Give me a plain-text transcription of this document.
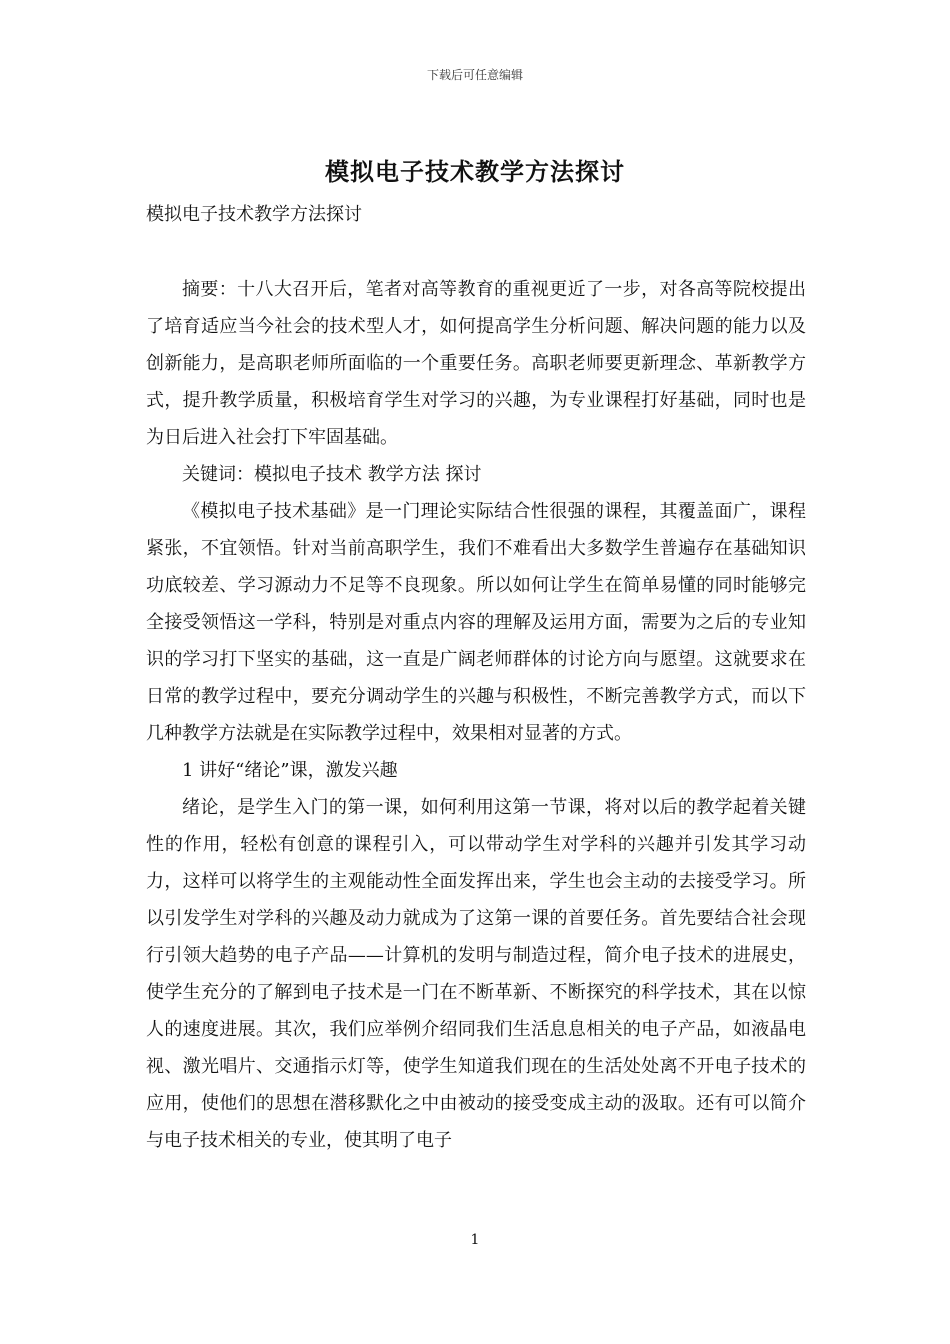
下载后可任意编辑
模拟电子技术教学方法探讨
模拟电子技术教学方法探讨

摘要：十八大召开后，笔者对高等教育的重视更近了一步，对各高等院校提出了培育适应当今社会的技术型人才，如何提高学生分析问题、解决问题的能力以及创新能力，是高职老师所面临的一个重要任务。高职老师要更新理念、革新教学方式，提升教学质量，积极培育学生对学习的兴趣，为专业课程打好基础，同时也是为日后进入社会打下牢固基础。

关键词：模拟电子技术 教学方法 探讨

《模拟电子技术基础》是一门理论实际结合性很强的课程，其覆盖面广，课程紧张，不宜领悟。针对当前高职学生，我们不难看出大多数学生普遍存在基础知识功底较差、学习源动力不足等不良现象。所以如何让学生在简单易懂的同时能够完全接受领悟这一学科，特别是对重点内容的理解及运用方面，需要为之后的专业知识的学习打下坚实的基础，这一直是广阔老师群体的讨论方向与愿望。这就要求在日常的教学过程中，要充分调动学生的兴趣与积极性，不断完善教学方式，而以下几种教学方法就是在实际教学过程中，效果相对显著的方式。

1 讲好“绪论”课，激发兴趣

绪论，是学生入门的第一课，如何利用这第一节课，将对以后的教学起着关键性的作用，轻松有创意的课程引入，可以带动学生对学科的兴趣并引发其学习动力，这样可以将学生的主观能动性全面发挥出来，学生也会主动的去接受学习。所以引发学生对学科的兴趣及动力就成为了这第一课的首要任务。首先要结合社会现行引领大趋势的电子产品——计算机的发明与制造过程，简介电子技术的进展史，使学生充分的了解到电子技术是一门在不断革新、不断探究的科学技术，其在以惊人的速度进展。其次，我们应举例介绍同我们生活息息相关的电子产品，如液晶电视、激光唱片、交通指示灯等，使学生知道我们现在的生活处处离不开电子技术的应用，使他们的思想在潜移默化之中由被动的接受变成主动的汲取。还有可以简介与电子技术相关的专业，使其明了电子

1
